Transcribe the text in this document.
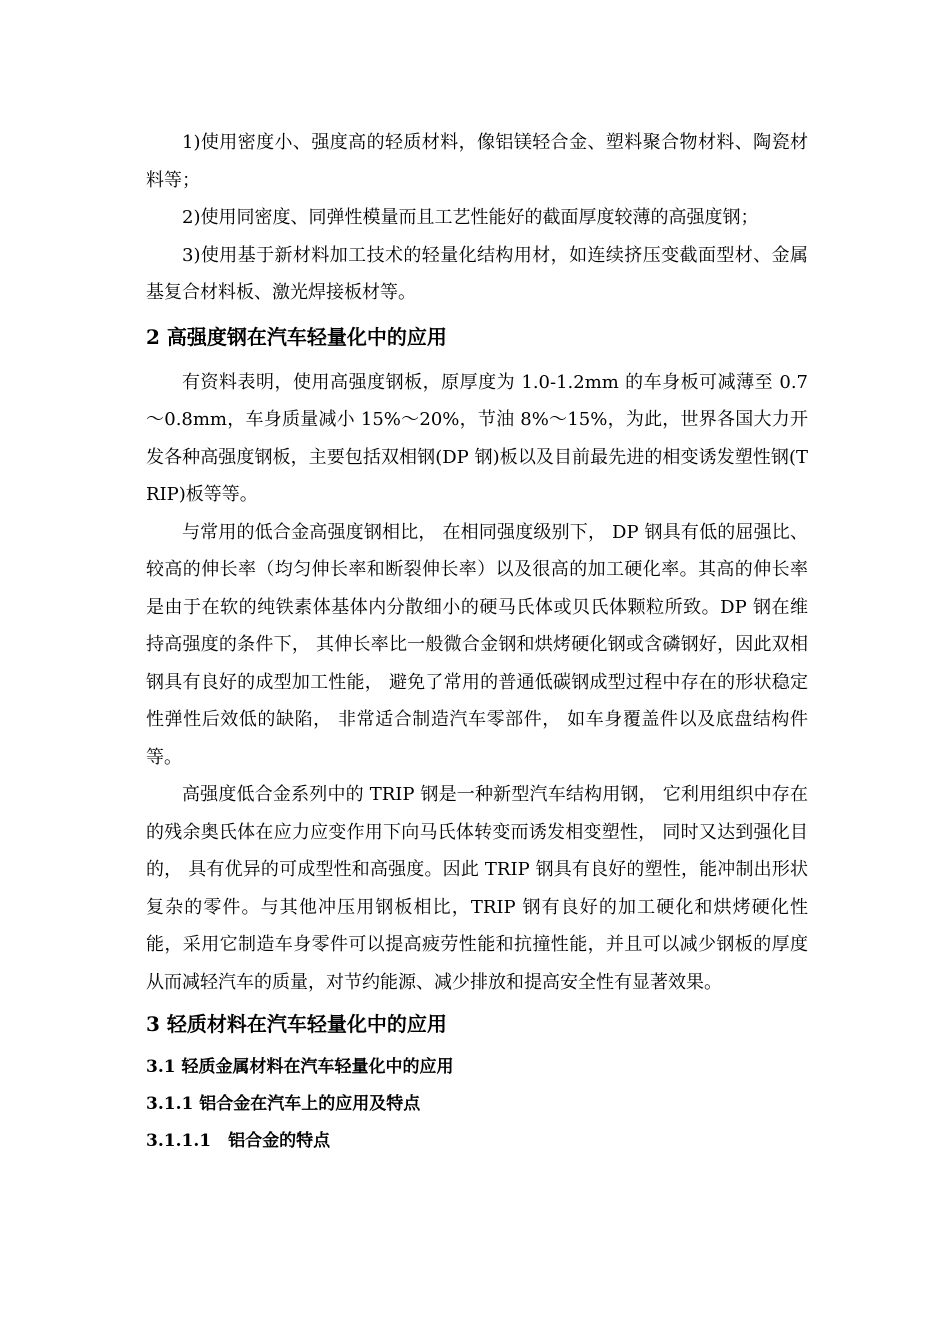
1)使用密度小、强度高的轻质材料，像铝镁轻合金、塑料聚合物材料、陶瓷材料等；

2)使用同密度、同弹性模量而且工艺性能好的截面厚度较薄的高强度钢；

3)使用基于新材料加工技术的轻量化结构用材，如连续挤压变截面型材、金属基复合材料板、激光焊接板材等。

2 高强度钢在汽车轻量化中的应用

有资料表明，使用高强度钢板，原厚度为 1.0-1.2mm 的车身板可减薄至 0.7～0.8mm，车身质量减小 15%～20%，节油 8%～15%，为此，世界各国大力开发各种高强度钢板，主要包括双相钢(DP 钢)板以及目前最先进的相变诱发塑性钢(TRIP)板等等。

与常用的低合金高强度钢相比， 在相同强度级别下， DP 钢具有低的屈强比、较高的伸长率（均匀伸长率和断裂伸长率）以及很高的加工硬化率。其高的伸长率是由于在软的纯铁素体基体内分散细小的硬马氏体或贝氏体颗粒所致。DP 钢在维持高强度的条件下， 其伸长率比一般微合金钢和烘烤硬化钢或含磷钢好，因此双相钢具有良好的成型加工性能， 避免了常用的普通低碳钢成型过程中存在的形状稳定性弹性后效低的缺陷， 非常适合制造汽车零部件， 如车身覆盖件以及底盘结构件等。

高强度低合金系列中的 TRIP 钢是一种新型汽车结构用钢， 它利用组织中存在的残余奥氏体在应力应变作用下向马氏体转变而诱发相变塑性， 同时又达到强化目的， 具有优异的可成型性和高强度。因此 TRIP 钢具有良好的塑性，能冲制出形状复杂的零件。与其他冲压用钢板相比，TRIP 钢有良好的加工硬化和烘烤硬化性能，采用它制造车身零件可以提高疲劳性能和抗撞性能，并且可以减少钢板的厚度从而减轻汽车的质量，对节约能源、减少排放和提高安全性有显著效果。

3 轻质材料在汽车轻量化中的应用
3.1 轻质金属材料在汽车轻量化中的应用
3.1.1 铝合金在汽车上的应用及特点
3.1.1.1　铝合金的特点
